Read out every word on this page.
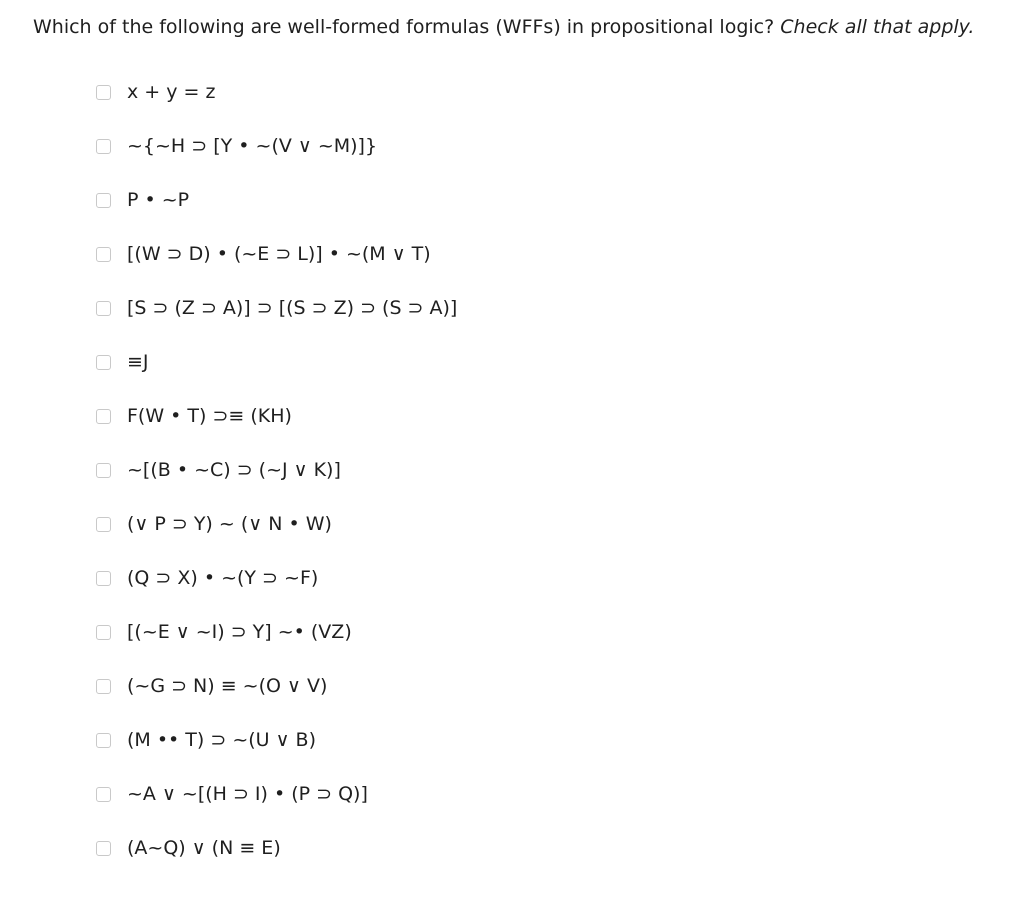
Which of the following are well-formed formulas (WFFs) in propositional logic? Check all that apply.
x + y = z
~{~H ⊃ [Y • ~(V ∨ ~M)]}
P • ~P
[(W ⊃ D) • (~E ⊃ L)] • ~(M ∨ T)
[S ⊃ (Z ⊃ A)] ⊃ [(S ⊃ Z) ⊃ (S ⊃ A)]
≡J
F(W • T) ⊃≡ (KH)
~[(B • ~C) ⊃ (~J ∨ K)]
(∨ P ⊃ Y) ~ (∨ N • W)
(Q ⊃ X) • ~(Y ⊃ ~F)
[(~E ∨ ~I) ⊃ Y] ~• (VZ)
(~G ⊃ N) ≡ ~(O ∨ V)
(M •• T) ⊃ ~(U ∨ B)
~A ∨ ~[(H ⊃ I) • (P ⊃ Q)]
(A~Q) ∨ (N ≡ E)
